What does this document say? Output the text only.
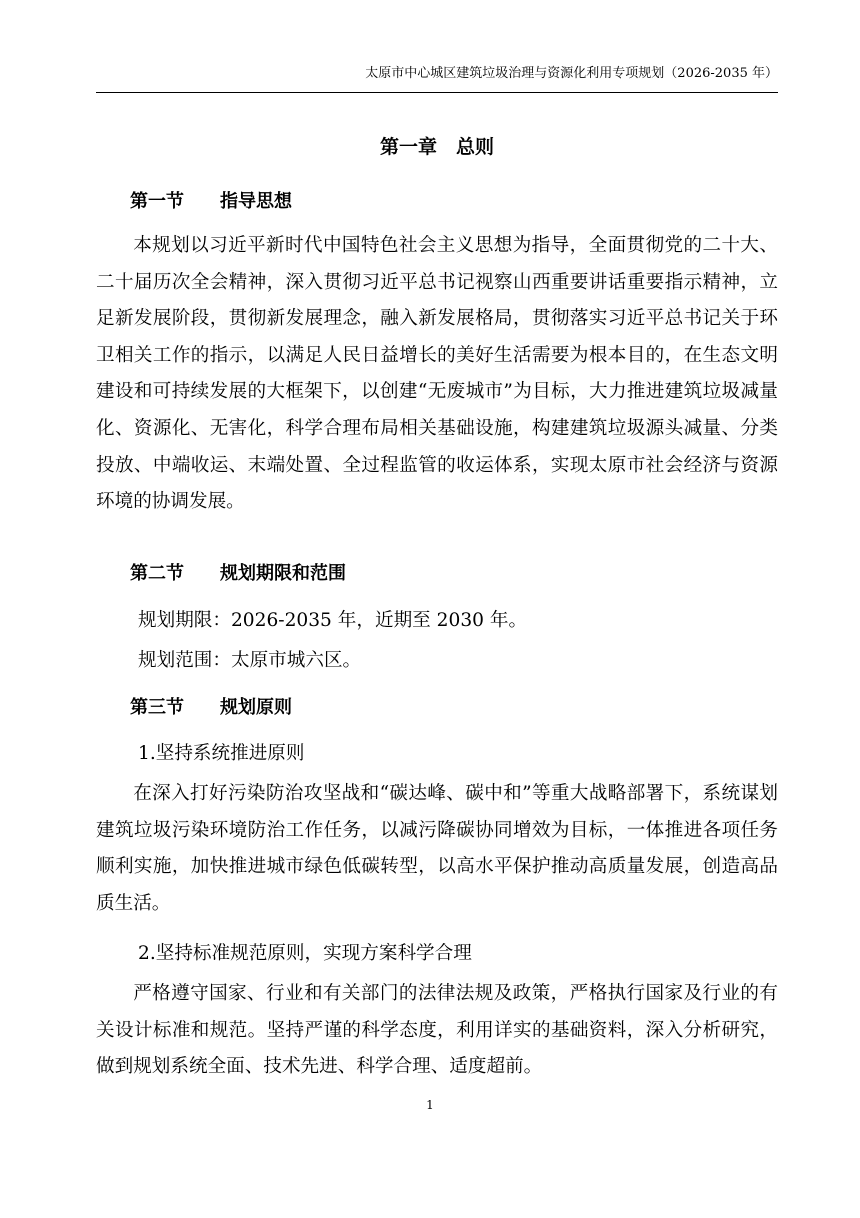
太原市中心城区建筑垃圾治理与资源化利用专项规划（2026-2035 年）
第一章　总则
第一节 指导思想

本规划以习近平新时代中国特色社会主义思想为指导，全面贯彻党的二十大、二十届历次全会精神，深入贯彻习近平总书记视察山西重要讲话重要指示精神，立足新发展阶段，贯彻新发展理念，融入新发展格局，贯彻落实习近平总书记关于环卫相关工作的指示，以满足人民日益增长的美好生活需要为根本目的，在生态文明建设和可持续发展的大框架下，以创建“无废城市”为目标，大力推进建筑垃圾减量化、资源化、无害化，科学合理布局相关基础设施，构建建筑垃圾源头减量、分类投放、中端收运、末端处置、全过程监管的收运体系，实现太原市社会经济与资源环境的协调发展。

第二节 规划期限和范围
规划期限：2026-2035 年，近期至 2030 年。
规划范围：太原市城六区。
第三节 规划原则
1.坚持系统推进原则

在深入打好污染防治攻坚战和“碳达峰、碳中和”等重大战略部署下，系统谋划建筑垃圾污染环境防治工作任务，以减污降碳协同增效为目标，一体推进各项任务顺利实施，加快推进城市绿色低碳转型，以高水平保护推动高质量发展，创造高品质生活。

2.坚持标准规范原则，实现方案科学合理

严格遵守国家、行业和有关部门的法律法规及政策，严格执行国家及行业的有关设计标准和规范。坚持严谨的科学态度，利用详实的基础资料，深入分析研究，做到规划系统全面、技术先进、科学合理、适度超前。

1
